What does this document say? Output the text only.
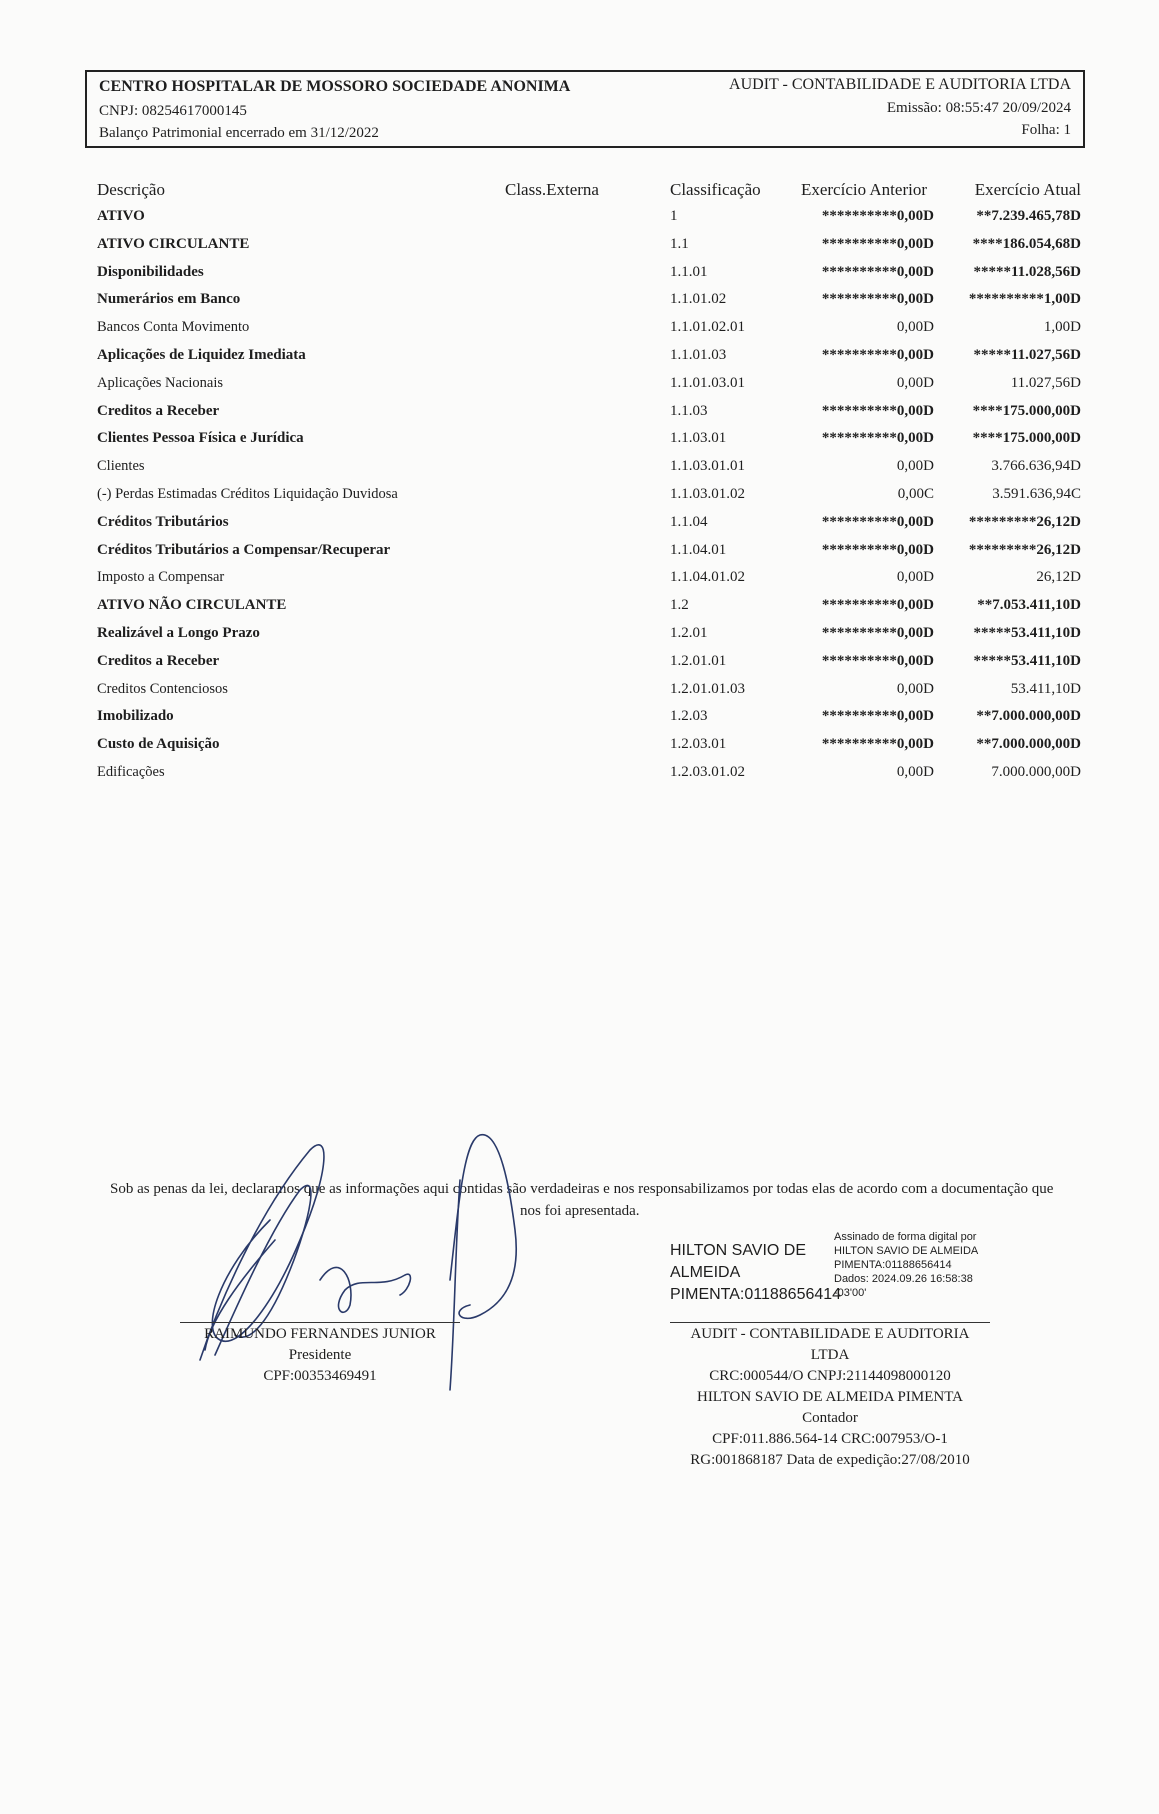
CENTRO HOSPITALAR DE MOSSORO SOCIEDADE ANONIMA
CNPJ: 08254617000145
Balanço Patrimonial encerrado em 31/12/2022
AUDIT - CONTABILIDADE E AUDITORIA LTDA
Emissão: 08:55:47 20/09/2024
Folha: 1
Descrição	Class.Externa	Classificação Exercício Anterior	Exercício Atual
ATIVO	1	**********0,00D	**7.239.465,78D
ATIVO CIRCULANTE	1.1	**********0,00D	****186.054,68D
Disponibilidades	1.1.01	**********0,00D	*****11.028,56D
Numerários em Banco	1.1.01.02	**********0,00D **********1,00D
Bancos Conta Movimento	1.1.01.02.01	0,00D	1,00D
Aplicações de Liquidez Imediata	1.1.01.03	**********0,00D	*****11.027,56D
Aplicações Nacionais	1.1.01.03.01	0,00D	11.027,56D
Creditos a Receber	1.1.03	**********0,00D	****175.000,00D
Clientes Pessoa Física e Jurídica	1.1.03.01	**********0,00D	****175.000,00D
Clientes	1.1.03.01.01	0,00D	3.766.636,94D
(-) Perdas Estimadas Créditos Liquidação Duvidosa	1.1.03.01.02	0,00C	3.591.636,94C
Créditos Tributários	1.1.04	**********0,00D *********26,12D
Créditos Tributários a Compensar/Recuperar	1.1.04.01	**********0,00D *********26,12D
Imposto a Compensar	1.1.04.01.02	0,00D	26,12D
ATIVO NÃO CIRCULANTE	1.2	**********0,00D	**7.053.411,10D
Realizável a Longo Prazo	1.2.01	**********0,00D	*****53.411,10D
Creditos a Receber	1.2.01.01	**********0,00D	*****53.411,10D
Creditos Contenciosos	1.2.01.01.03	0,00D	53.411,10D
Imobilizado	1.2.03	**********0,00D	**7.000.000,00D
Custo de Aquisição	1.2.03.01	**********0,00D	**7.000.000,00D
Edificações	1.2.03.01.02	0,00D	7.000.000,00D
Sob as penas da lei, declaramos que as informações aqui contidas são verdadeiras e nos responsabilizamos por todas elas de acordo com a documentação que
nos foi apresentada.
RAIMUNDO FERNANDES JUNIOR
Presidente
CPF:00353469491
HILTON SAVIO DE
ALMEIDA
PIMENTA:01188656414
Assinado de forma digital por
HILTON SAVIO DE ALMEIDA
PIMENTA:01188656414
Dados: 2024.09.26 16:58:38
-03'00'
AUDIT - CONTABILIDADE E AUDITORIA LTDA
CRC:000544/O CNPJ:21144098000120
HILTON SAVIO DE ALMEIDA PIMENTA
Contador
CPF:011.886.564-14 CRC:007953/O-1
RG:001868187 Data de expedição:27/08/2010
